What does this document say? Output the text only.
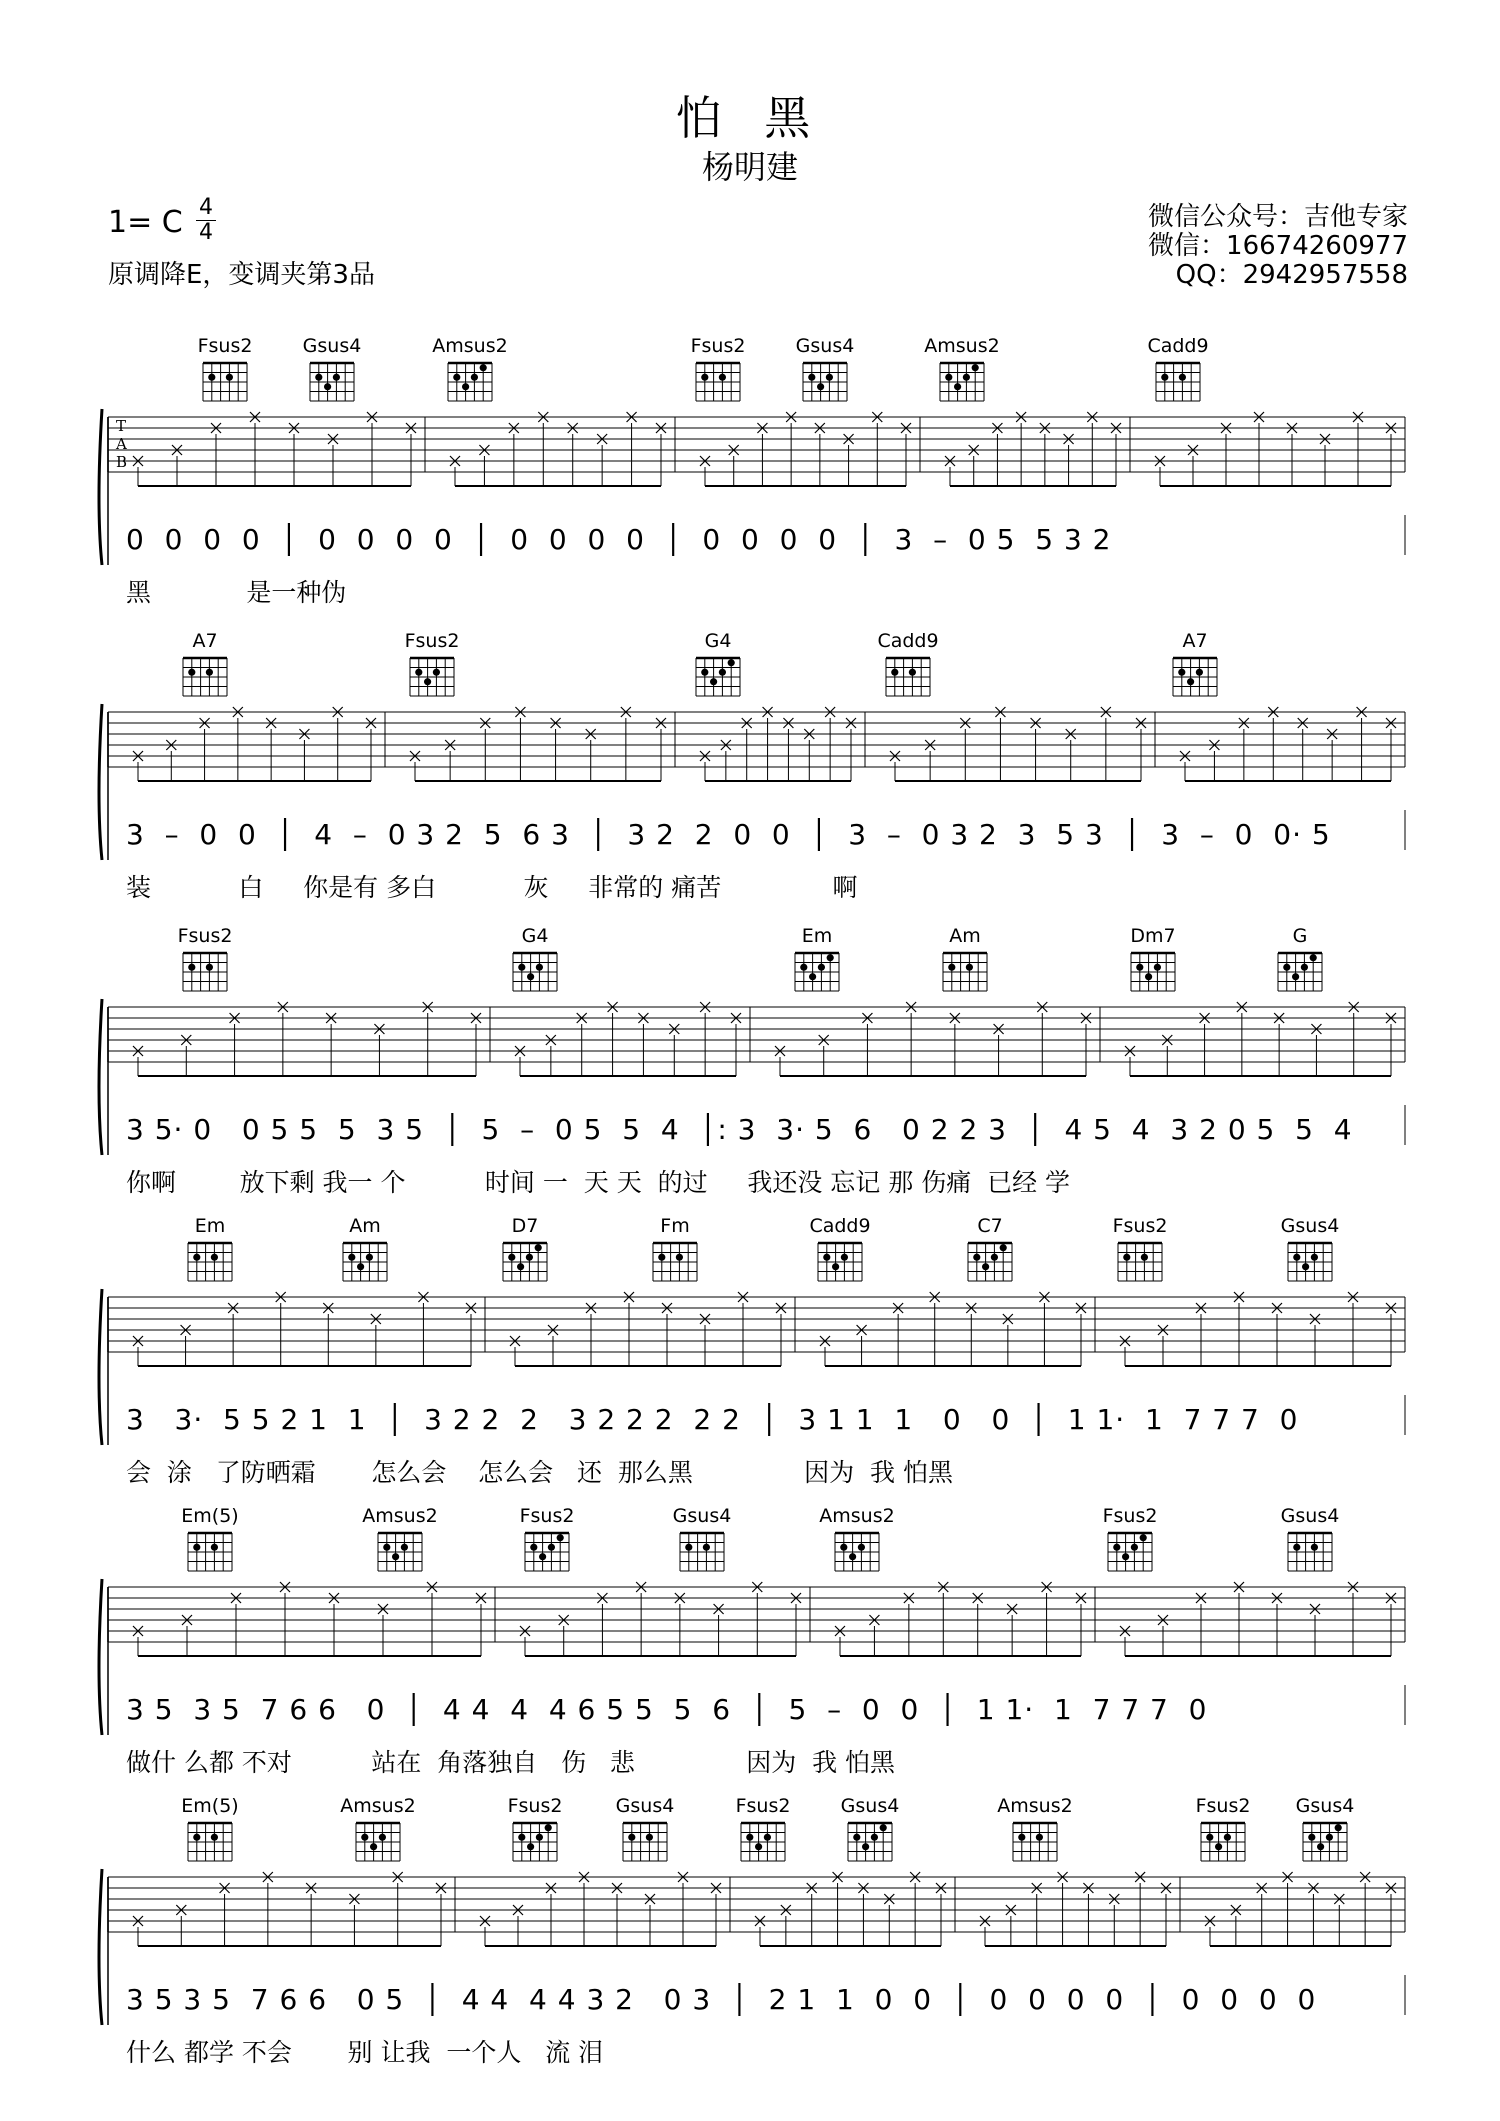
怕 黑
杨明建
1= C $\frac{4}{4}$
原调降E，变调夹第3品
微信公众号：吉他专家
微信：16674260977
QQ：2942957558
Fsus2	Gsus4	Amsus2	Fsus2	Gsus4	Amsus2	Cadd9
T
A
B
0  0  0  0  │  0  0  0  0  │  0  0  0  0  │  0  0  0  0  │  3  –  0 5  5 3 2
黑            是一种伪
A7	Fsus2	G4	Cadd9	A7
3  –  0  0  │  4  –  0 3 2  5  6 3  │  3 2  2  0  0  │  3  –  0 3 2  3  5 3  │  3  –  0  0· 5
装           白     你是有 多白           灰     非常的 痛苦              啊
Fsus2	G4	Em	Am	Dm7	G
3 5· 0   0 5 5  5  3 5  │  5  –  0 5  5  4  │: 3  3· 5  6   0 2 2 3  │  4 5  4  3 2 0 5  5  4
你啊        放下剩 我一 个          时间 一  天 天  的过     我还没 忘记 那 伤痛  已经 学
Em	Am	D7	Fm	Cadd9	C7	Fsus2	Gsus4
3   3·  5 5 2 1  1  │  3 2 2  2   3 2 2 2  2 2  │  3 1 1  1   0   0  │  1 1·  1  7 7 7  0
会  涂   了防晒霜       怎么会    怎么会   还  那么黑              因为  我 怕黑
Em(5)	Amsus2	Fsus2	Gsus4	Amsus2	Fsus2	Gsus4
3 5  3 5  7 6 6   0  │  4 4  4  4 6 5 5  5  6  │  5  –  0  0  │  1 1·  1  7 7 7  0
做什 么都 不对          站在  角落独自   伤   悲              因为  我 怕黑
Em(5)	Amsus2	Fsus2	Gsus4	Fsus2	Gsus4	Amsus2	Fsus2 Gsus4
3 5 3 5  7 6 6   0 5  │  4 4  4 4 3 2   0 3  │  2 1  1  0  0  │  0  0  0  0  │  0  0  0  0
什么 都学 不会       别 让我  一个人   流 泪
